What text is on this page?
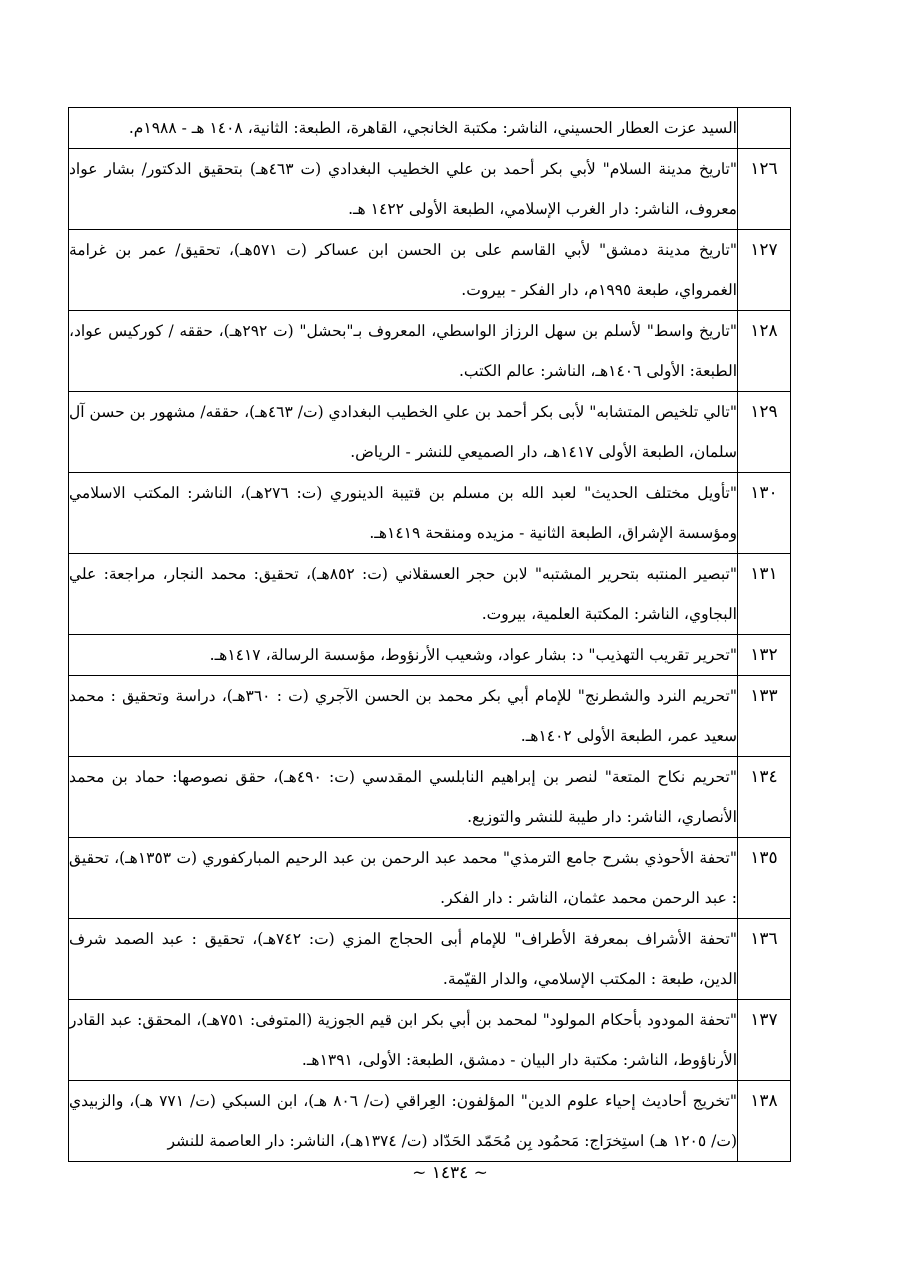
	السيد عزت العطار الحسيني، الناشر: مكتبة الخانجي، القاهرة، الطبعة: الثانية، ١٤٠٨ هـ - ١٩٨٨م.
١٢٦	"تاريخ مدينة السلام" لأبي بكر أحمد بن علي الخطيب البغدادي (ت ٤٦٣هـ) بتحقيق الدكتور/ بشار عواد معروف، الناشر: دار الغرب الإسلامي، الطبعة الأولى ١٤٢٢ هـ.
١٢٧	"تاريخ مدينة دمشق" لأبي القاسم على بن الحسن ابن عساكر (ت ٥٧١هـ)، تحقيق/ عمر بن غرامة الغمرواي، طبعة ١٩٩٥م، دار الفكر - بيروت.
١٢٨	"تاريخ واسط" لأسلم بن سهل الرزاز الواسطي، المعروف بـ"بحشل" (ت ٢٩٢هـ)، حققه / كوركيس عواد، الطبعة: الأولى ١٤٠٦هـ، الناشر: عالم الكتب.
١٢٩	"تالي تلخيص المتشابه" لأبى بكر أحمد بن علي الخطيب البغدادي (ت/ ٤٦٣هـ)، حققه/ مشهور بن حسن آل سلمان، الطبعة الأولى ١٤١٧هـ، دار الصميعي للنشر - الرياض.
١٣٠	"تأويل مختلف الحديث" لعبد الله بن مسلم بن قتيبة الدينوري (ت: ٢٧٦هـ)، الناشر: المكتب الاسلامي ومؤسسة الإشراق، الطبعة الثانية - مزيده ومنقحة ١٤١٩هـ.
١٣١	"تبصير المنتبه بتحرير المشتبه" لابن حجر العسقلاني (ت: ٨٥٢هـ)، تحقيق: محمد النجار، مراجعة: علي البجاوي، الناشر: المكتبة العلمية، بيروت.
١٣٢	"تحرير تقريب التهذيب" د: بشار عواد، وشعيب الأرنؤوط، مؤسسة الرسالة، ١٤١٧هـ.
١٣٣	"تحريم النرد والشطرنج" للإمام أبي بكر محمد بن الحسن الآجري (ت : ٣٦٠هـ)، دراسة وتحقيق : محمد سعيد عمر، الطبعة الأولى ١٤٠٢هـ.
١٣٤	"تحريم نكاح المتعة" لنصر بن إبراهيم النابلسي المقدسي (ت: ٤٩٠هـ)، حقق نصوصها: حماد بن محمد الأنصاري، الناشر: دار طيبة للنشر والتوزيع.
١٣٥	"تحفة الأحوذي بشرح جامع الترمذي" محمد عبد الرحمن بن عبد الرحيم المباركفوري (ت ١٣٥٣هـ)، تحقيق : عبد الرحمن محمد عثمان، الناشر : دار الفكر.
١٣٦	"تحفة الأشراف بمعرفة الأطراف" للإمام أبى الحجاج المزي (ت: ٧٤٢هـ)، تحقيق : عبد الصمد شرف الدين، طبعة : المكتب الإسلامي، والدار القيّمة.
١٣٧	"تحفة المودود بأحكام المولود" لمحمد بن أبي بكر ابن قيم الجوزية (المتوفى: ٧٥١هـ)، المحقق: عبد القادر الأرناؤوط، الناشر: مكتبة دار البيان - دمشق، الطبعة: الأولى، ١٣٩١هـ.
١٣٨	"تخريج أحاديث إحياء علوم الدين" المؤلفون: العِراقي (ت/ ٨٠٦ هـ)، ابن السبكي (ت/ ٧٧١ هـ)، والزبيدي (ت/ ١٢٠٥ هـ) استِخرَاج: مَحمُود بِن مُحَمّد الحَدّاد (ت/ ١٣٧٤هـ)، الناشر: دار العاصمة للنشر
~ ١٤٣٤ ~
